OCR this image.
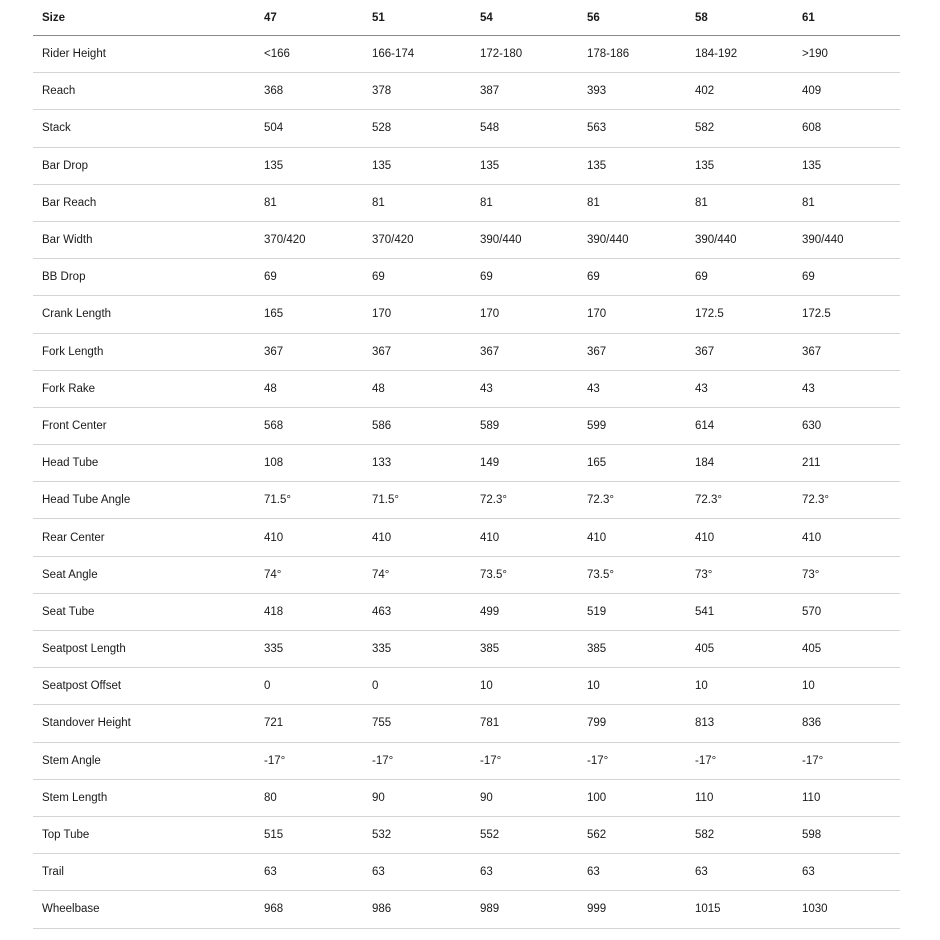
Size	47	51	54	56	58	61
Rider Height	<166	166-174	172-180	178-186	184-192	>190
Reach	368	378	387	393	402	409
Stack	504	528	548	563	582	608
Bar Drop	135	135	135	135	135	135
Bar Reach	81	81	81	81	81	81
Bar Width	370/420	370/420	390/440	390/440	390/440	390/440
BB Drop	69	69	69	69	69	69
Crank Length	165	170	170	170	172.5	172.5
Fork Length	367	367	367	367	367	367
Fork Rake	48	48	43	43	43	43
Front Center	568	586	589	599	614	630
Head Tube	108	133	149	165	184	211
Head Tube Angle	71.5°	71.5°	72.3°	72.3°	72.3°	72.3°
Rear Center	410	410	410	410	410	410
Seat Angle	74°	74°	73.5°	73.5°	73°	73°
Seat Tube	418	463	499	519	541	570
Seatpost Length	335	335	385	385	405	405
Seatpost Offset	0	0	10	10	10	10
Standover Height	721	755	781	799	813	836
Stem Angle	-17°	-17°	-17°	-17°	-17°	-17°
Stem Length	80	90	90	100	110	110
Top Tube	515	532	552	562	582	598
Trail	63	63	63	63	63	63
Wheelbase	968	986	989	999	1015	1030
